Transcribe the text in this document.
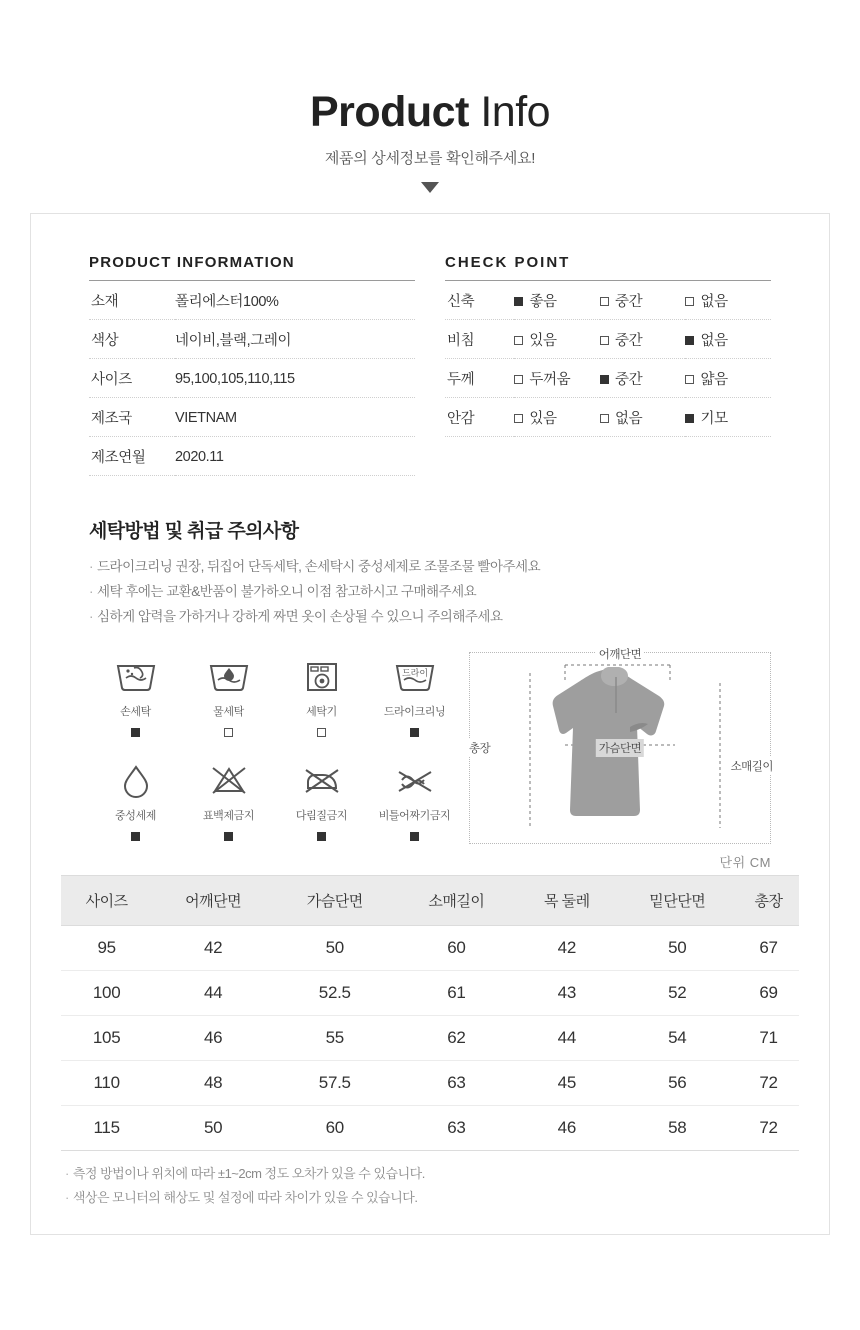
Product Info
제품의 상세정보를 확인해주세요!
PRODUCT INFORMATION
소재	폴리에스터100%
색상	네이비,블랙,그레이
사이즈	95,100,105,110,115
제조국	VIETNAM
제조연월	2020.11
CHECK POINT
신축	좋음	중간	없음
비침	있음	중간	없음
두께	두꺼움	중간	얇음
안감	있음	없음	기모
세탁방법 및 취급 주의사항

· 드라이크리닝 권장, 뒤집어 단독세탁, 손세탁시 중성세제로 조물조물 빨아주세요

· 세탁 후에는 교환&반품이 불가하오니 이점 참고하시고 구매해주세요

· 심하게 압력을 가하거나 강하게 짜면 옷이 손상될 수 있으니 주의해주세요

손세탁	물세탁	세탁기
드라이
드라이크리닝
중성세제	표백제금지	다림질금지	비틀어짜기금지
어깨단면
가슴단면
총장
소매길이
단위 CM
사이즈	어깨단면	가슴단면	소매길이	목 둘레	밑단단면	총장
95	42	50	60	42	50	67
100	44	52.5	61	43	52	69
105	46	55	62	44	54	71
110	48	57.5	63	45	56	72
115	50	60	63	46	58	72

· 측정 방법이나 위치에 따라 ±1~2cm 정도 오차가 있을 수 있습니다.

· 색상은 모니터의 해상도 및 설정에 따라 차이가 있을 수 있습니다.
